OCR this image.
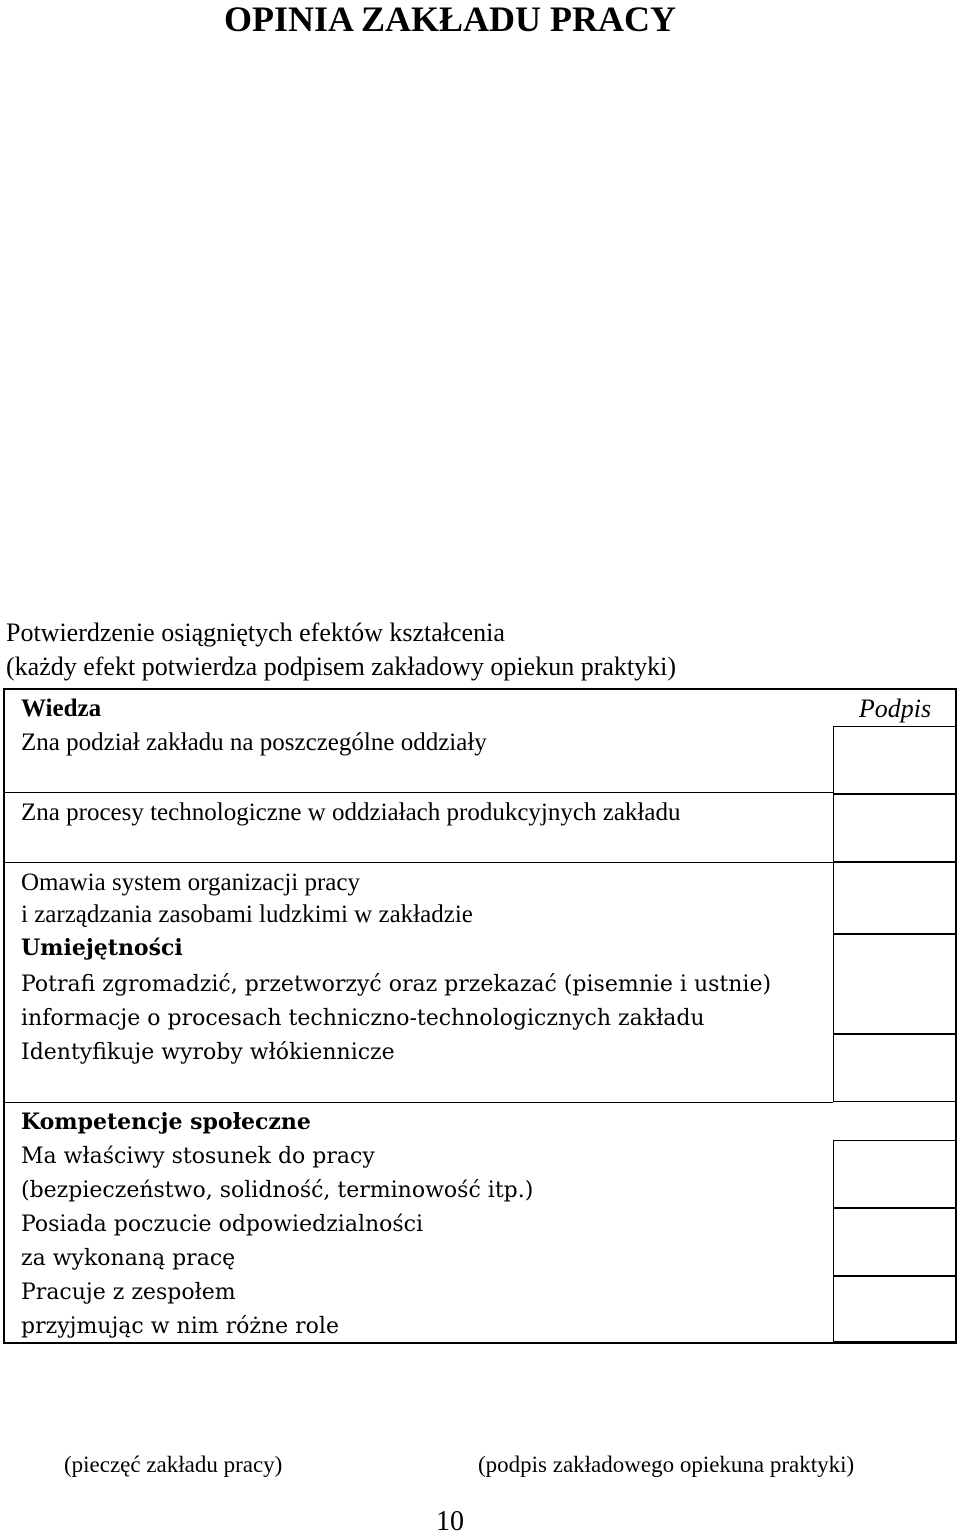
OPINIA ZAKŁADU PRACY
Potwierdzenie osiągniętych efektów kształcenia
(każdy efekt potwierdza podpisem zakładowy opiekun praktyki)
Podpis
Wiedza
Zna podział zakładu na poszczególne oddziały
Zna procesy technologiczne w oddziałach produkcyjnych zakładu
Omawia system organizacji pracy
i zarządzania zasobami ludzkimi w zakładzie
Umiejętności
Potrafi zgromadzić, przetworzyć oraz przekazać (pisemnie i ustnie)
informacje o procesach techniczno-technologicznych zakładu
Identyfikuje wyroby włókiennicze
Kompetencje społeczne
Ma właściwy stosunek do pracy
(bezpieczeństwo, solidność, terminowość itp.)
Posiada poczucie odpowiedzialności
za wykonaną pracę
Pracuje z zespołem
przyjmując w nim różne role
(pieczęć zakładu pracy)	(podpis zakładowego opiekuna praktyki)
10
